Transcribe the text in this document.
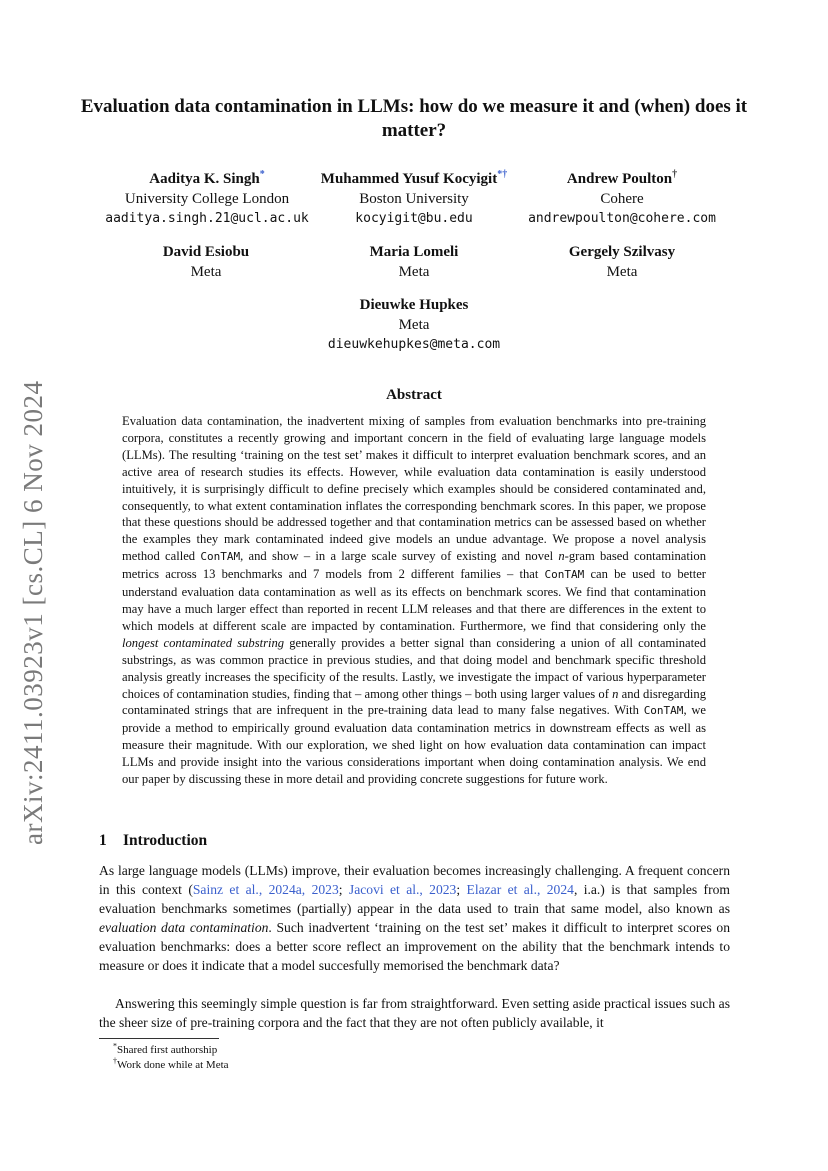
arXiv:2411.03923v1 [cs.CL] 6 Nov 2024
Evaluation data contamination in LLMs: how do we measure it and (when) does it matter?
Aaditya K. Singh*
University College London
aaditya.singh.21@ucl.ac.uk
Muhammed Yusuf Kocyigit*†
Boston University
kocyigit@bu.edu
Andrew Poulton†
Cohere
andrewpoulton@cohere.com
David Esiobu
Meta
Maria Lomeli
Meta
Gergely Szilvasy
Meta
Dieuwke Hupkes
Meta
dieuwkehupkes@meta.com
Abstract

Evaluation data contamination, the inadvertent mixing of samples from evaluation benchmarks into pre-training corpora, constitutes a recently growing and important concern in the field of evaluating large language models (LLMs). The resulting ‘training on the test set’ makes it difficult to interpret evaluation benchmark scores, and an active area of research studies its effects. However, while evaluation data contamination is easily understood intuitively, it is surprisingly difficult to define precisely which examples should be considered contaminated and, consequently, to what extent contamination inflates the corresponding benchmark scores. In this paper, we propose that these questions should be addressed together and that contamination metrics can be assessed based on whether the examples they mark contaminated indeed give models an undue advantage. We propose a novel analysis method called ConTAM, and show – in a large scale survey of existing and novel n-gram based contamination metrics across 13 benchmarks and 7 models from 2 different families – that ConTAM can be used to better understand evaluation data contamination as well as its effects on benchmark scores. We find that contamination may have a much larger effect than reported in recent LLM releases and that there are differences in the extent to which models at different scale are impacted by contamination. Furthermore, we find that considering only the longest contaminated substring generally provides a better signal than considering a union of all contaminated substrings, as was common practice in previous studies, and that doing model and benchmark specific threshold analysis greatly increases the specificity of the results. Lastly, we investigate the impact of various hyperparameter choices of contamination studies, finding that – among other things – both using larger values of n and disregarding contaminated strings that are infrequent in the pre-training data lead to many false negatives. With ConTAM, we provide a method to empirically ground evaluation data contamination metrics in downstream effects as well as measure their magnitude. With our exploration, we shed light on how evaluation data contamination can impact LLMs and provide insight into the various considerations important when doing contamination analysis. We end our paper by discussing these in more detail and providing concrete suggestions for future work.

1 Introduction

As large language models (LLMs) improve, their evaluation becomes increasingly challenging. A frequent concern in this context (Sainz et al., 2024a, 2023; Jacovi et al., 2023; Elazar et al., 2024, i.a.) is that samples from evaluation benchmarks sometimes (partially) appear in the data used to train that same model, also known as evaluation data contamination. Such inadvertent ‘training on the test set’ makes it difficult to interpret scores on evaluation benchmarks: does a better score reflect an improvement on the ability that the benchmark intends to measure or does it indicate that a model succesfully memorised the benchmark data?

Answering this seemingly simple question is far from straightforward. Even setting aside practical issues such as the sheer size of pre-training corpora and the fact that they are not often publicly available, it

*Shared first authorship

†Work done while at Meta
